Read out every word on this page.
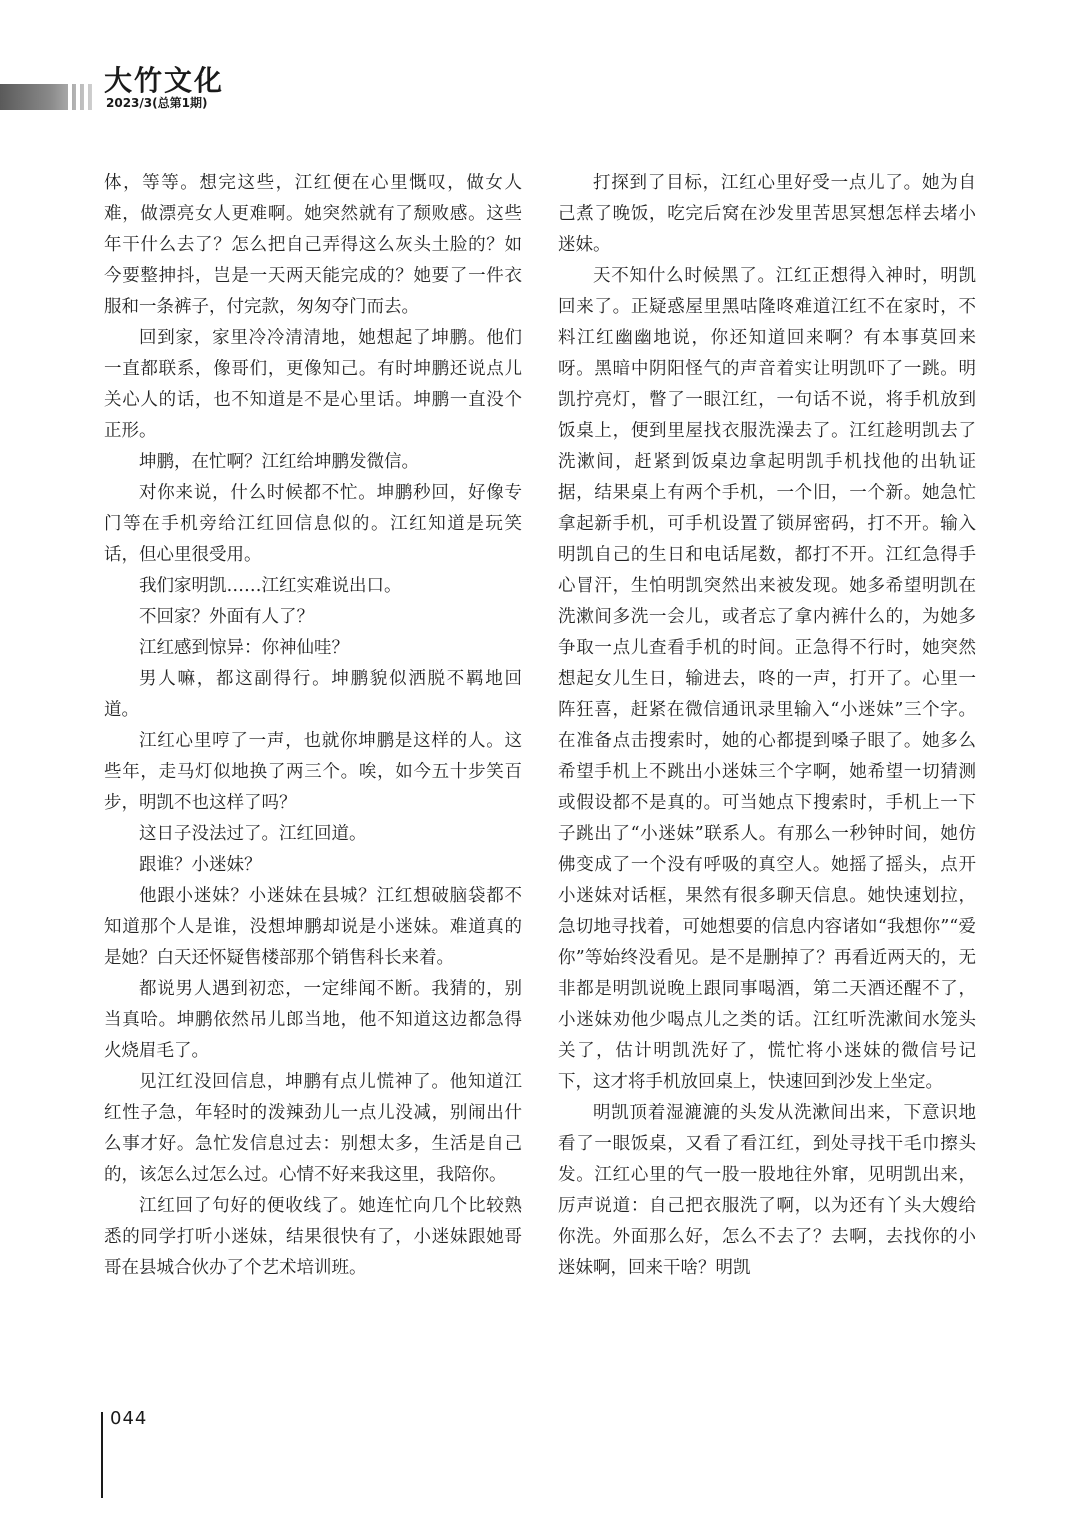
大竹文化
2023/3(总第1期)

体，等等。想完这些，江红便在心里慨叹，做女人难，做漂亮女人更难啊。她突然就有了颓败感。这些年干什么去了？怎么把自己弄得这么灰头土脸的？如今要整抻抖，岂是一天两天能完成的？她要了一件衣服和一条裤子，付完款，匆匆夺门而去。

回到家，家里冷冷清清地，她想起了坤鹏。他们一直都联系，像哥们，更像知己。有时坤鹏还说点儿关心人的话，也不知道是不是心里话。坤鹏一直没个正形。

坤鹏，在忙啊？江红给坤鹏发微信。

对你来说，什么时候都不忙。坤鹏秒回，好像专门等在手机旁给江红回信息似的。江红知道是玩笑话，但心里很受用。

我们家明凯……江红实难说出口。

不回家？外面有人了？

江红感到惊异：你神仙哇？

男人嘛，都这副得行。坤鹏貌似洒脱不羁地回道。

江红心里哼了一声，也就你坤鹏是这样的人。这些年，走马灯似地换了两三个。唉，如今五十步笑百步，明凯不也这样了吗？

这日子没法过了。江红回道。

跟谁？小迷妹？

他跟小迷妹？小迷妹在县城？江红想破脑袋都不知道那个人是谁，没想坤鹏却说是小迷妹。难道真的是她？白天还怀疑售楼部那个销售科长来着。

都说男人遇到初恋，一定绯闻不断。我猜的，别当真哈。坤鹏依然吊儿郎当地，他不知道这边都急得火烧眉毛了。

见江红没回信息，坤鹏有点儿慌神了。他知道江红性子急，年轻时的泼辣劲儿一点儿没减，别闹出什么事才好。急忙发信息过去：别想太多，生活是自己的，该怎么过怎么过。心情不好来我这里，我陪你。

江红回了句好的便收线了。她连忙向几个比较熟悉的同学打听小迷妹，结果很快有了，小迷妹跟她哥哥在县城合伙办了个艺术培训班。

打探到了目标，江红心里好受一点儿了。她为自己煮了晚饭，吃完后窝在沙发里苦思冥想怎样去堵小迷妹。

天不知什么时候黑了。江红正想得入神时，明凯回来了。正疑惑屋里黑咕隆咚难道江红不在家时，不料江红幽幽地说，你还知道回来啊？有本事莫回来呀。黑暗中阴阳怪气的声音着实让明凯吓了一跳。明凯拧亮灯，瞥了一眼江红，一句话不说，将手机放到饭桌上，便到里屋找衣服洗澡去了。江红趁明凯去了洗漱间，赶紧到饭桌边拿起明凯手机找他的出轨证据，结果桌上有两个手机，一个旧，一个新。她急忙拿起新手机，可手机设置了锁屏密码，打不开。输入明凯自己的生日和电话尾数，都打不开。江红急得手心冒汗，生怕明凯突然出来被发现。她多希望明凯在洗漱间多洗一会儿，或者忘了拿内裤什么的，为她多争取一点儿查看手机的时间。正急得不行时，她突然想起女儿生日，输进去，咚的一声，打开了。心里一阵狂喜，赶紧在微信通讯录里输入“小迷妹”三个字。在准备点击搜索时，她的心都提到嗓子眼了。她多么希望手机上不跳出小迷妹三个字啊，她希望一切猜测或假设都不是真的。可当她点下搜索时，手机上一下子跳出了“小迷妹”联系人。有那么一秒钟时间，她仿佛变成了一个没有呼吸的真空人。她摇了摇头，点开小迷妹对话框，果然有很多聊天信息。她快速划拉，急切地寻找着，可她想要的信息内容诸如“我想你”“爱你”等始终没看见。是不是删掉了？再看近两天的，无非都是明凯说晚上跟同事喝酒，第二天酒还醒不了，小迷妹劝他少喝点儿之类的话。江红听洗漱间水笼头关了，估计明凯洗好了，慌忙将小迷妹的微信号记下，这才将手机放回桌上，快速回到沙发上坐定。

明凯顶着湿漉漉的头发从洗漱间出来，下意识地看了一眼饭桌，又看了看江红，到处寻找干毛巾擦头发。江红心里的气一股一股地往外窜，见明凯出来，厉声说道：自己把衣服洗了啊，以为还有丫头大嫂给你洗。外面那么好，怎么不去了？去啊，去找你的小迷妹啊，回来干啥？明凯

044
